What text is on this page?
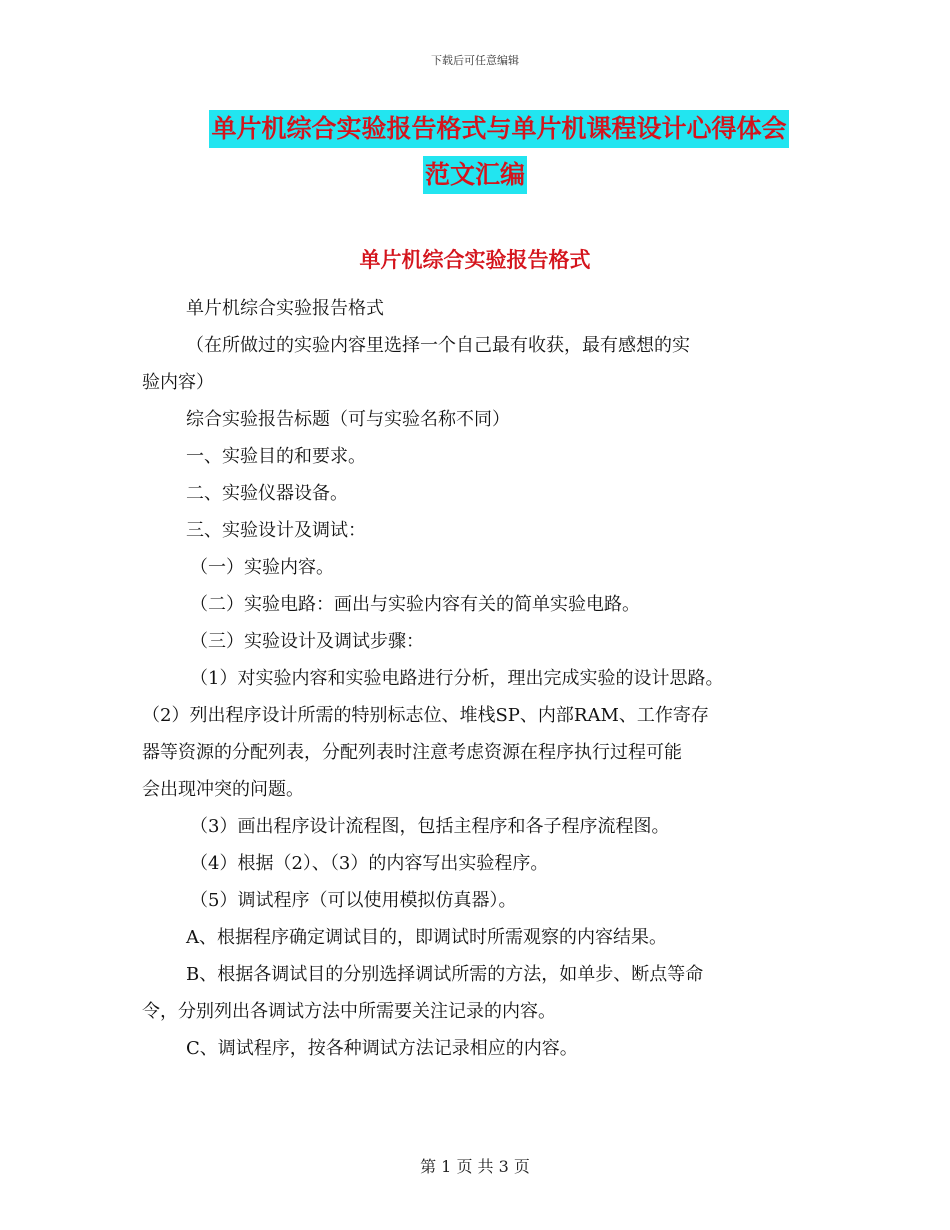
下载后可任意编辑
单片机综合实验报告格式与单片机课程设计心得体会
范文汇编
单片机综合实验报告格式

单片机综合实验报告格式

（在所做过的实验内容里选择一个自己最有收获，最有感想的实

验内容）

综合实验报告标题（可与实验名称不同）

一、实验目的和要求。

二、实验仪器设备。

三、实验设计及调试：

（一）实验内容。

（二）实验电路：画出与实验内容有关的简单实验电路。

（三）实验设计及调试步骤：

（1）对实验内容和实验电路进行分析，理出完成实验的设计思路。

（2）列出程序设计所需的特别标志位、堆栈SP、内部RAM、工作寄存

器等资源的分配列表，分配列表时注意考虑资源在程序执行过程可能

会出现冲突的问题。

（3）画出程序设计流程图，包括主程序和各子程序流程图。

（4）根据（2）、（3）的内容写出实验程序。

（5）调试程序（可以使用模拟仿真器）。

A、根据程序确定调试目的，即调试时所需观察的内容结果。

B、根据各调试目的分别选择调试所需的方法，如单步、断点等命

令，分别列出各调试方法中所需要关注记录的内容。

C、调试程序，按各种调试方法记录相应的内容。

第 1 页 共 3 页
